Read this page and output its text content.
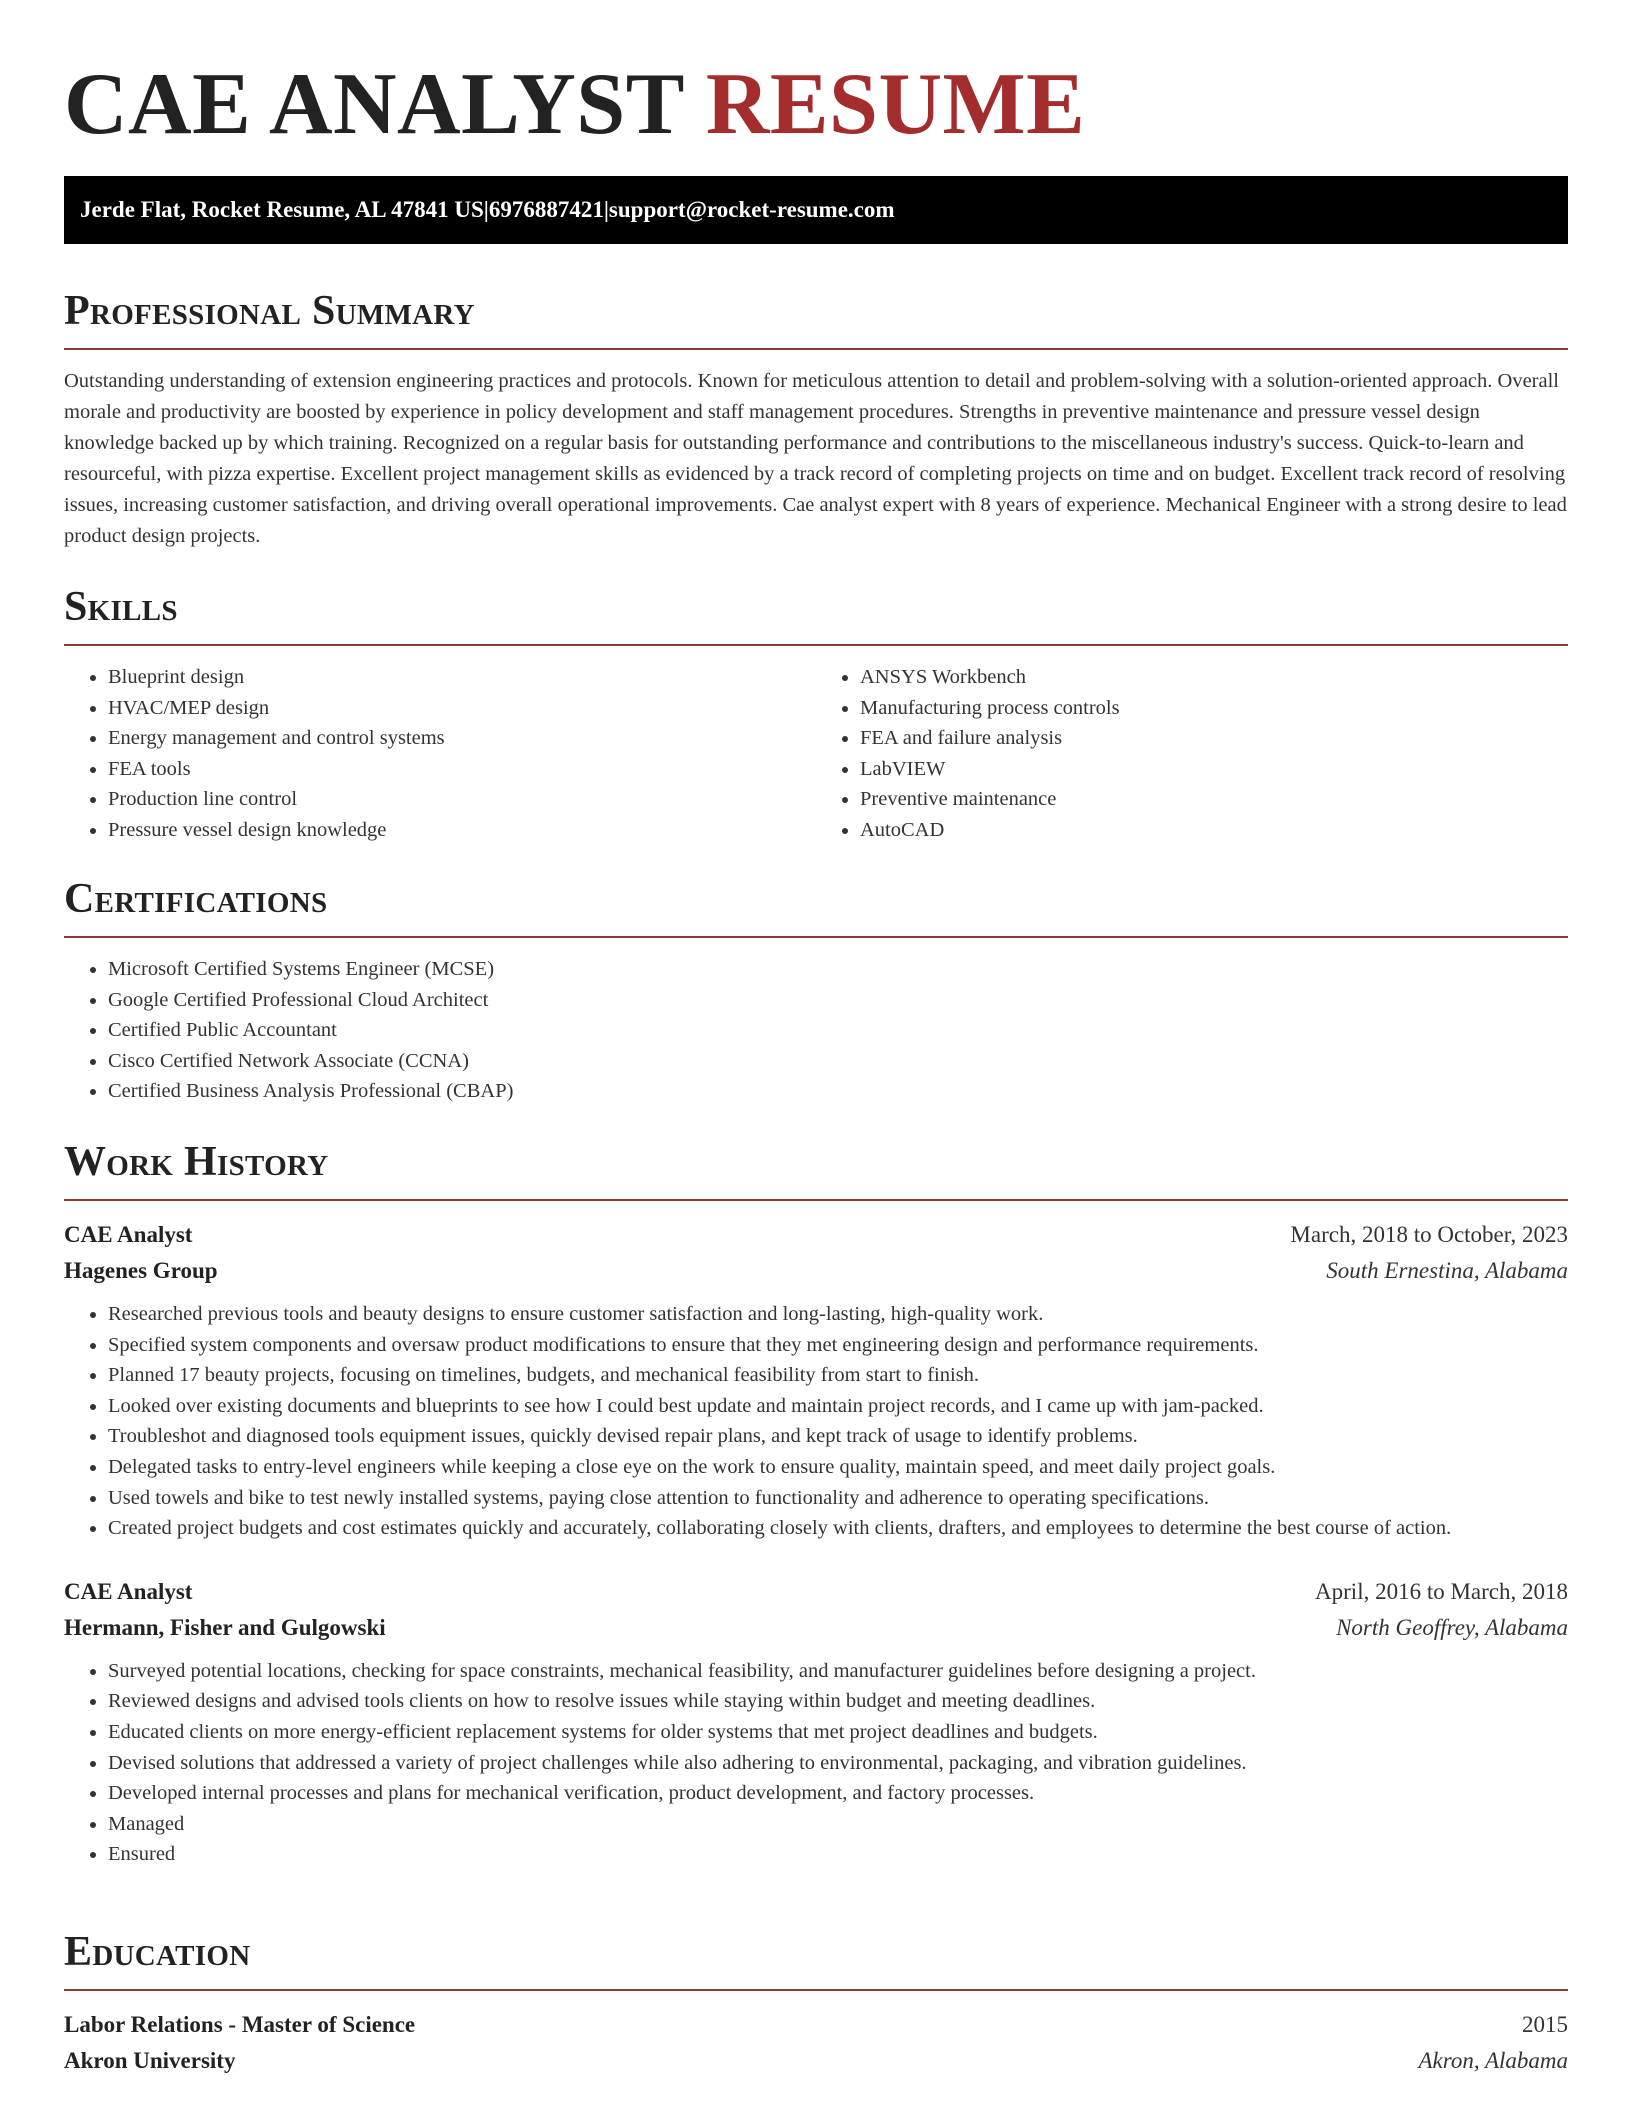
CAE ANALYST RESUME
Jerde Flat, Rocket Resume, AL 47841 US | 6976887421 | support@rocket-resume.com
Professional Summary

Outstanding understanding of extension engineering practices and protocols. Known for meticulous attention to detail and problem-solving with a solution-oriented approach. Overall morale and productivity are boosted by experience in policy development and staff management procedures. Strengths in preventive maintenance and pressure vessel design knowledge backed up by which training. Recognized on a regular basis for outstanding performance and contributions to the miscellaneous industry's success. Quick-to-learn and resourceful, with pizza expertise. Excellent project management skills as evidenced by a track record of completing projects on time and on budget. Excellent track record of resolving issues, increasing customer satisfaction, and driving overall operational improvements. Cae analyst expert with 8 years of experience. Mechanical Engineer with a strong desire to lead product design projects.

Skills
• Blueprint design
• HVAC/MEP design
• Energy management and control systems
• FEA tools
• Production line control
• Pressure vessel design knowledge
• ANSYS Workbench
• Manufacturing process controls
• FEA and failure analysis
• LabVIEW
• Preventive maintenance
• AutoCAD
Certifications
• Microsoft Certified Systems Engineer (MCSE)
• Google Certified Professional Cloud Architect
• Certified Public Accountant
• Cisco Certified Network Associate (CCNA)
• Certified Business Analysis Professional (CBAP)
Work History
CAE Analyst	March, 2018 to October, 2023
Hagenes Group	South Ernestina, Alabama
• Researched previous tools and beauty designs to ensure customer satisfaction and long-lasting, high-quality work.
• Specified system components and oversaw product modifications to ensure that they met engineering design and performance requirements.
• Planned 17 beauty projects, focusing on timelines, budgets, and mechanical feasibility from start to finish.
• Looked over existing documents and blueprints to see how I could best update and maintain project records, and I came up with jam-packed.
• Troubleshot and diagnosed tools equipment issues, quickly devised repair plans, and kept track of usage to identify problems.
• Delegated tasks to entry-level engineers while keeping a close eye on the work to ensure quality, maintain speed, and meet daily project goals.
• Used towels and bike to test newly installed systems, paying close attention to functionality and adherence to operating specifications.
• Created project budgets and cost estimates quickly and accurately, collaborating closely with clients, drafters, and employees to determine the best course of action.
CAE Analyst	April, 2016 to March, 2018
Hermann, Fisher and Gulgowski	North Geoffrey, Alabama
• Surveyed potential locations, checking for space constraints, mechanical feasibility, and manufacturer guidelines before designing a project.
• Reviewed designs and advised tools clients on how to resolve issues while staying within budget and meeting deadlines.
• Educated clients on more energy-efficient replacement systems for older systems that met project deadlines and budgets.
• Devised solutions that addressed a variety of project challenges while also adhering to environmental, packaging, and vibration guidelines.
• Developed internal processes and plans for mechanical verification, product development, and factory processes.
• Managed
• Ensured
Education
Labor Relations - Master of Science	2015
Akron University	Akron, Alabama
